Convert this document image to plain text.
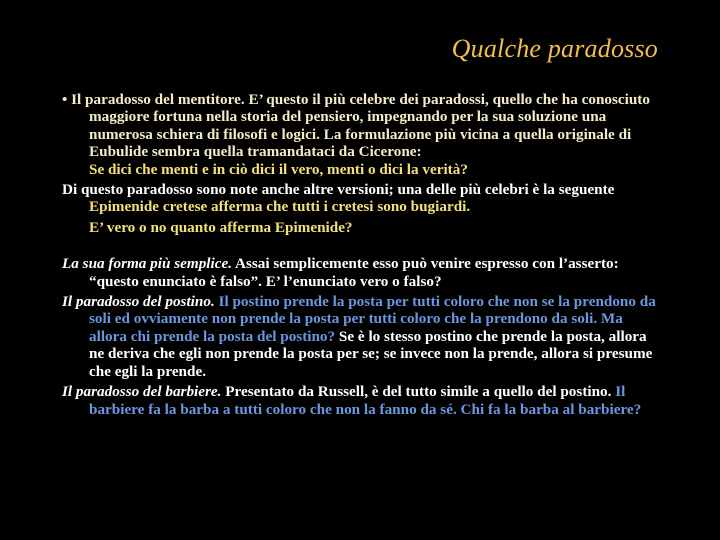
Qualche paradosso

• Il paradosso del mentitore. E’ questo il più celebre dei paradossi, quello che ha conosciuto maggiore fortuna nella storia del pensiero, impegnando per la sua soluzione una numerosa schiera di filosofi e logici. La formulazione più vicina a quella originale di Eubulide sembra quella tramandataci da Cicerone:

Se dici che menti e in ciò dici il vero, menti o dici la verità?

Di questo paradosso sono note anche altre versioni; una delle più celebri è la seguente

Epimenide cretese afferma che tutti i cretesi sono bugiardi.

E’ vero o no quanto afferma Epimenide?

La sua forma più semplice. Assai semplicemente esso può venire espresso con l’asserto: “questo enunciato è falso”. E’ l’enunciato vero o falso?

Il paradosso del postino. Il postino prende la posta per tutti coloro che non se la prendono da soli ed ovviamente non prende la posta per tutti coloro che la prendono da soli. Ma allora chi prende la posta del postino? Se è lo stesso postino che prende la posta, allora ne deriva che egli non prende la posta per se; se invece non la prende, allora si presume che egli la prende.

Il paradosso del barbiere. Presentato da Russell, è del tutto simile a quello del postino. Il barbiere fa la barba a tutti coloro che non la fanno da sé. Chi fa la barba al barbiere?
